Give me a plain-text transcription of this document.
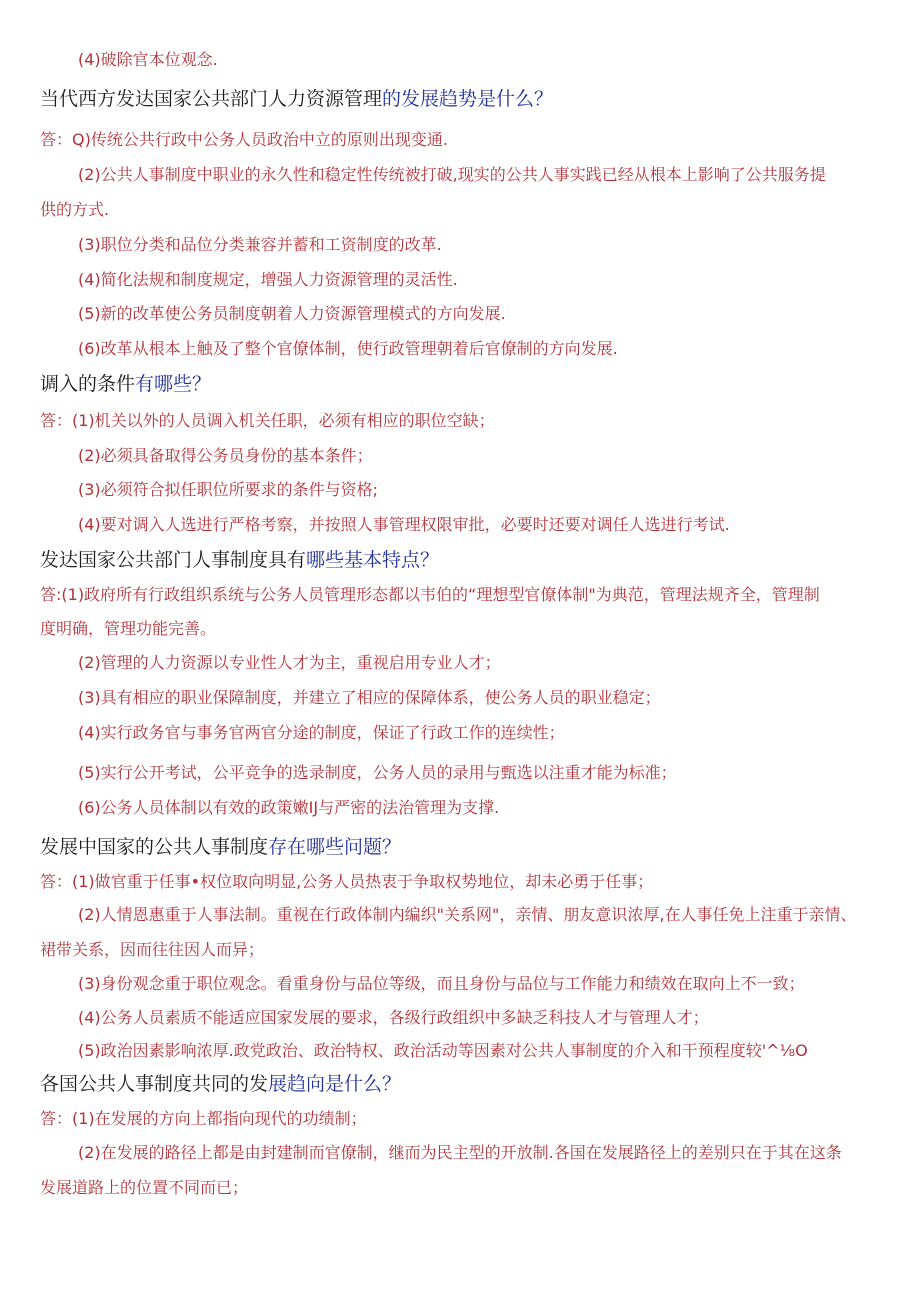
(4)破除官本位观念.
当代西方发达国家公共部门人力资源管理的发展趋势是什么？
答：Q)传统公共行政中公务人员政治中立的原则出现变通.
(2)公共人事制度中职业的永久性和稳定性传统被打破,现实的公共人事实践已经从根本上影响了公共服务提
供的方式.
(3)职位分类和品位分类兼容并蓄和工资制度的改革.
(4)简化法规和制度规定，增强人力资源管理的灵活性.
(5)新的改革使公务员制度朝着人力资源管理模式的方向发展.
(6)改革从根本上触及了整个官僚体制，使行政管理朝着后官僚制的方向发展.
调入的条件有哪些？
答：(1)机关以外的人员调入机关任职，必须有相应的职位空缺；
(2)必须具备取得公务员身份的基本条件；
(3)必须符合拟任职位所要求的条件与资格;
(4)要对调入人选进行严格考察，并按照人事管理权限审批，必要时还要对调任人选进行考试.
发达国家公共部门人事制度具有哪些基本特点？
答:(1)政府所有行政组织系统与公务人员管理形态都以韦伯的“理想型官僚体制"为典范，管理法规齐全，管理制
度明确，管理功能完善。
(2)管理的人力资源以专业性人才为主，重视启用专业人才；
(3)具有相应的职业保障制度，并建立了相应的保障体系，使公务人员的职业稳定；
(4)实行政务官与事务官两官分途的制度，保证了行政工作的连续性；
(5)实行公开考试，公平竞争的选录制度，公务人员的录用与甄选以注重才能为标准；
(6)公务人员体制以有效的政策嫩IJ与严密的法治管理为支撑.
发展中国家的公共人事制度存在哪些问题？
答：(1)做官重于任事•权位取向明显,公务人员热衷于争取权势地位，却未必勇于任事；
(2)人情恩惠重于人事法制。重视在行政体制内编织"关系网"，亲情、朋友意识浓厚,在人事任免上注重于亲情、
裙带关系，因而往往因人而异；
(3)身份观念重于职位观念。看重身份与品位等级，而且身份与品位与工作能力和绩效在取向上不一致；
(4)公务人员素质不能适应国家发展的要求，各级行政组织中多缺乏科技人才与管理人才；
(5)政治因素影响浓厚.政党政治、政治特权、政治活动等因素对公共人事制度的介入和干预程度较'^⅛O
各国公共人事制度共同的发展趋向是什么？
答：(1)在发展的方向上都指向现代的功绩制；
(2)在发展的路径上都是由封建制而官僚制，继而为民主型的开放制.各国在发展路径上的差别只在于其在这条
发展道路上的位置不同而已；
